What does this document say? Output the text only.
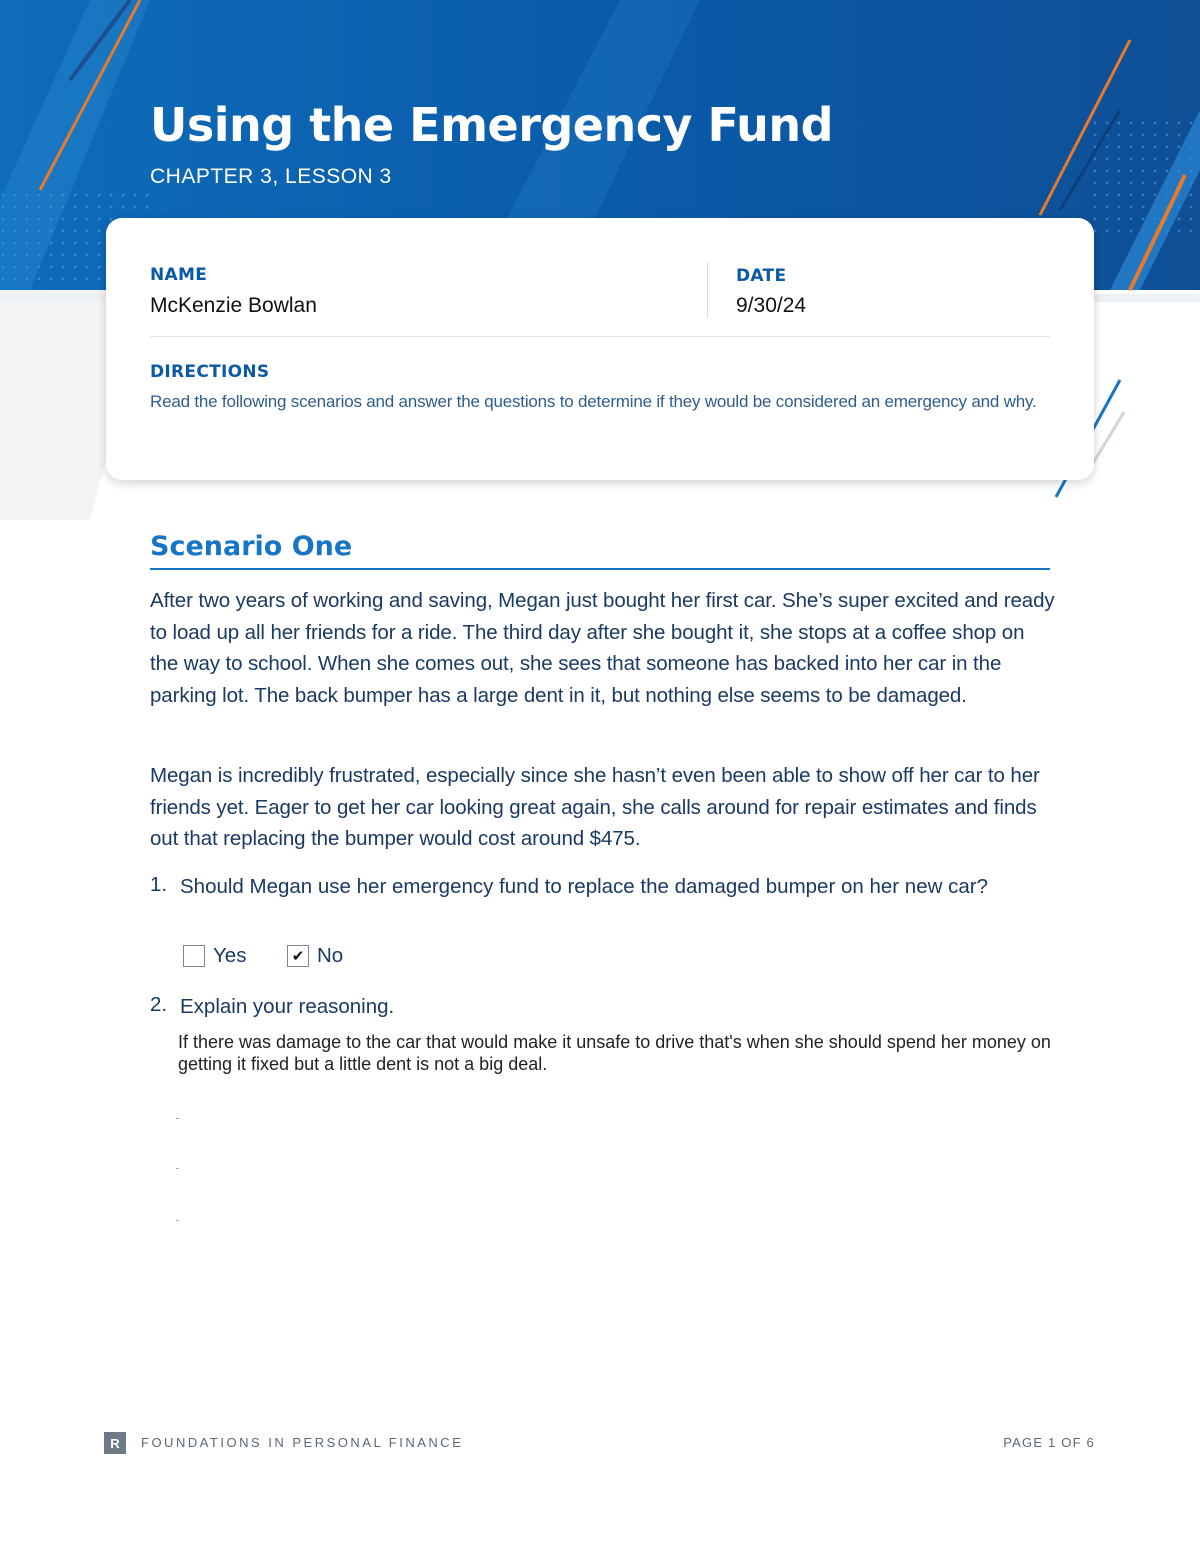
Using the Emergency Fund
CHAPTER 3, LESSON 3
NAME
McKenzie Bowlan
DATE
9/30/24
DIRECTIONS
Read the following scenarios and answer the questions to determine if they would be considered an emergency and why.
Scenario One

After two years of working and saving, Megan just bought her first car. She’s super excited and ready to load up all her friends for a ride. The third day after she bought it, she stops at a coffee shop on the way to school. When she comes out, she sees that someone has backed into her car in the parking lot. The back bumper has a large dent in it, but nothing else seems to be damaged.

Megan is incredibly frustrated, especially since she hasn’t even been able to show off her car to her friends yet. Eager to get her car looking great again, she calls around for repair estimates and finds out that replacing the bumper would cost around $475.

1. Should Megan use her emergency fund to replace the damaged bumper on her new car?
Yes	✔ No
2. Explain your reasoning.
If there was damage to the car that would make it unsafe to drive that's when she should spend her money on getting it fixed but a little dent is not a big deal.
R	FOUNDATIONS IN PERSONAL FINANCE	PAGE 1 OF 6
